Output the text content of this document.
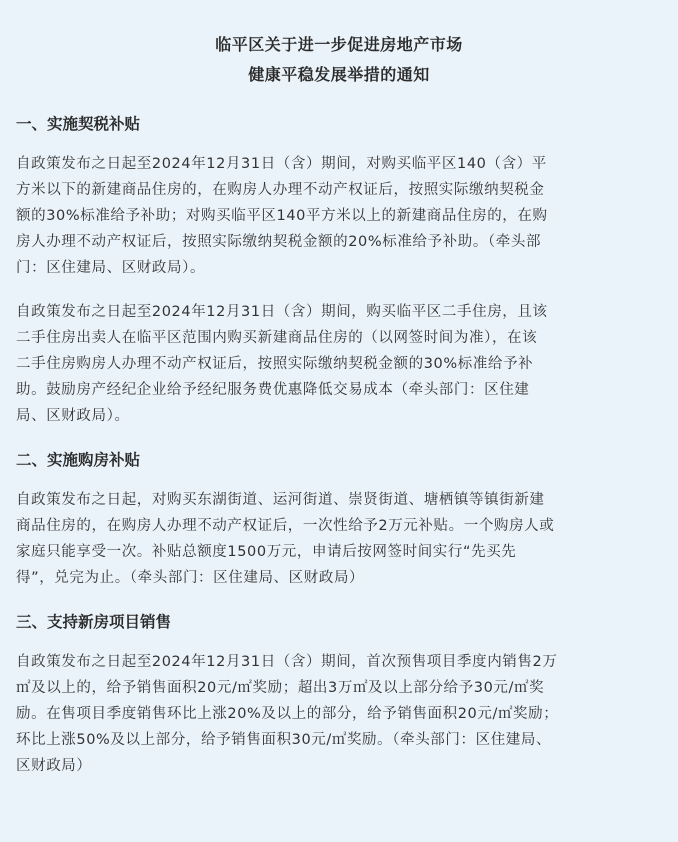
临平区关于进一步促进房地产市场
健康平稳发展举措的通知

一、实施契税补贴

自政策发布之日起至2024年12月31日（含）期间，对购买临平区140（含）平
方米以下的新建商品住房的，在购房人办理不动产权证后，按照实际缴纳契税金
额的30%标准给予补助；对购买临平区140平方米以上的新建商品住房的，在购
房人办理不动产权证后，按照实际缴纳契税金额的20%标准给予补助。（牵头部
门：区住建局、区财政局）。

自政策发布之日起至2024年12月31日（含）期间，购买临平区二手住房，且该
二手住房出卖人在临平区范围内购买新建商品住房的（以网签时间为准），在该
二手住房购房人办理不动产权证后，按照实际缴纳契税金额的30%标准给予补
助。鼓励房产经纪企业给予经纪服务费优惠降低交易成本（牵头部门：区住建
局、区财政局）。

二、实施购房补贴

自政策发布之日起，对购买东湖街道、运河街道、崇贤街道、塘栖镇等镇街新建
商品住房的，在购房人办理不动产权证后，一次性给予2万元补贴。一个购房人或
家庭只能享受一次。补贴总额度1500万元，申请后按网签时间实行“先买先
得”，兑完为止。（牵头部门：区住建局、区财政局）

三、支持新房项目销售

自政策发布之日起至2024年12月31日（含）期间，首次预售项目季度内销售2万
㎡及以上的，给予销售面积20元/㎡奖励；超出3万㎡及以上部分给予30元/㎡奖
励。在售项目季度销售环比上涨20%及以上的部分，给予销售面积20元/㎡奖励；
环比上涨50%及以上部分，给予销售面积30元/㎡奖励。（牵头部门：区住建局、
区财政局）
